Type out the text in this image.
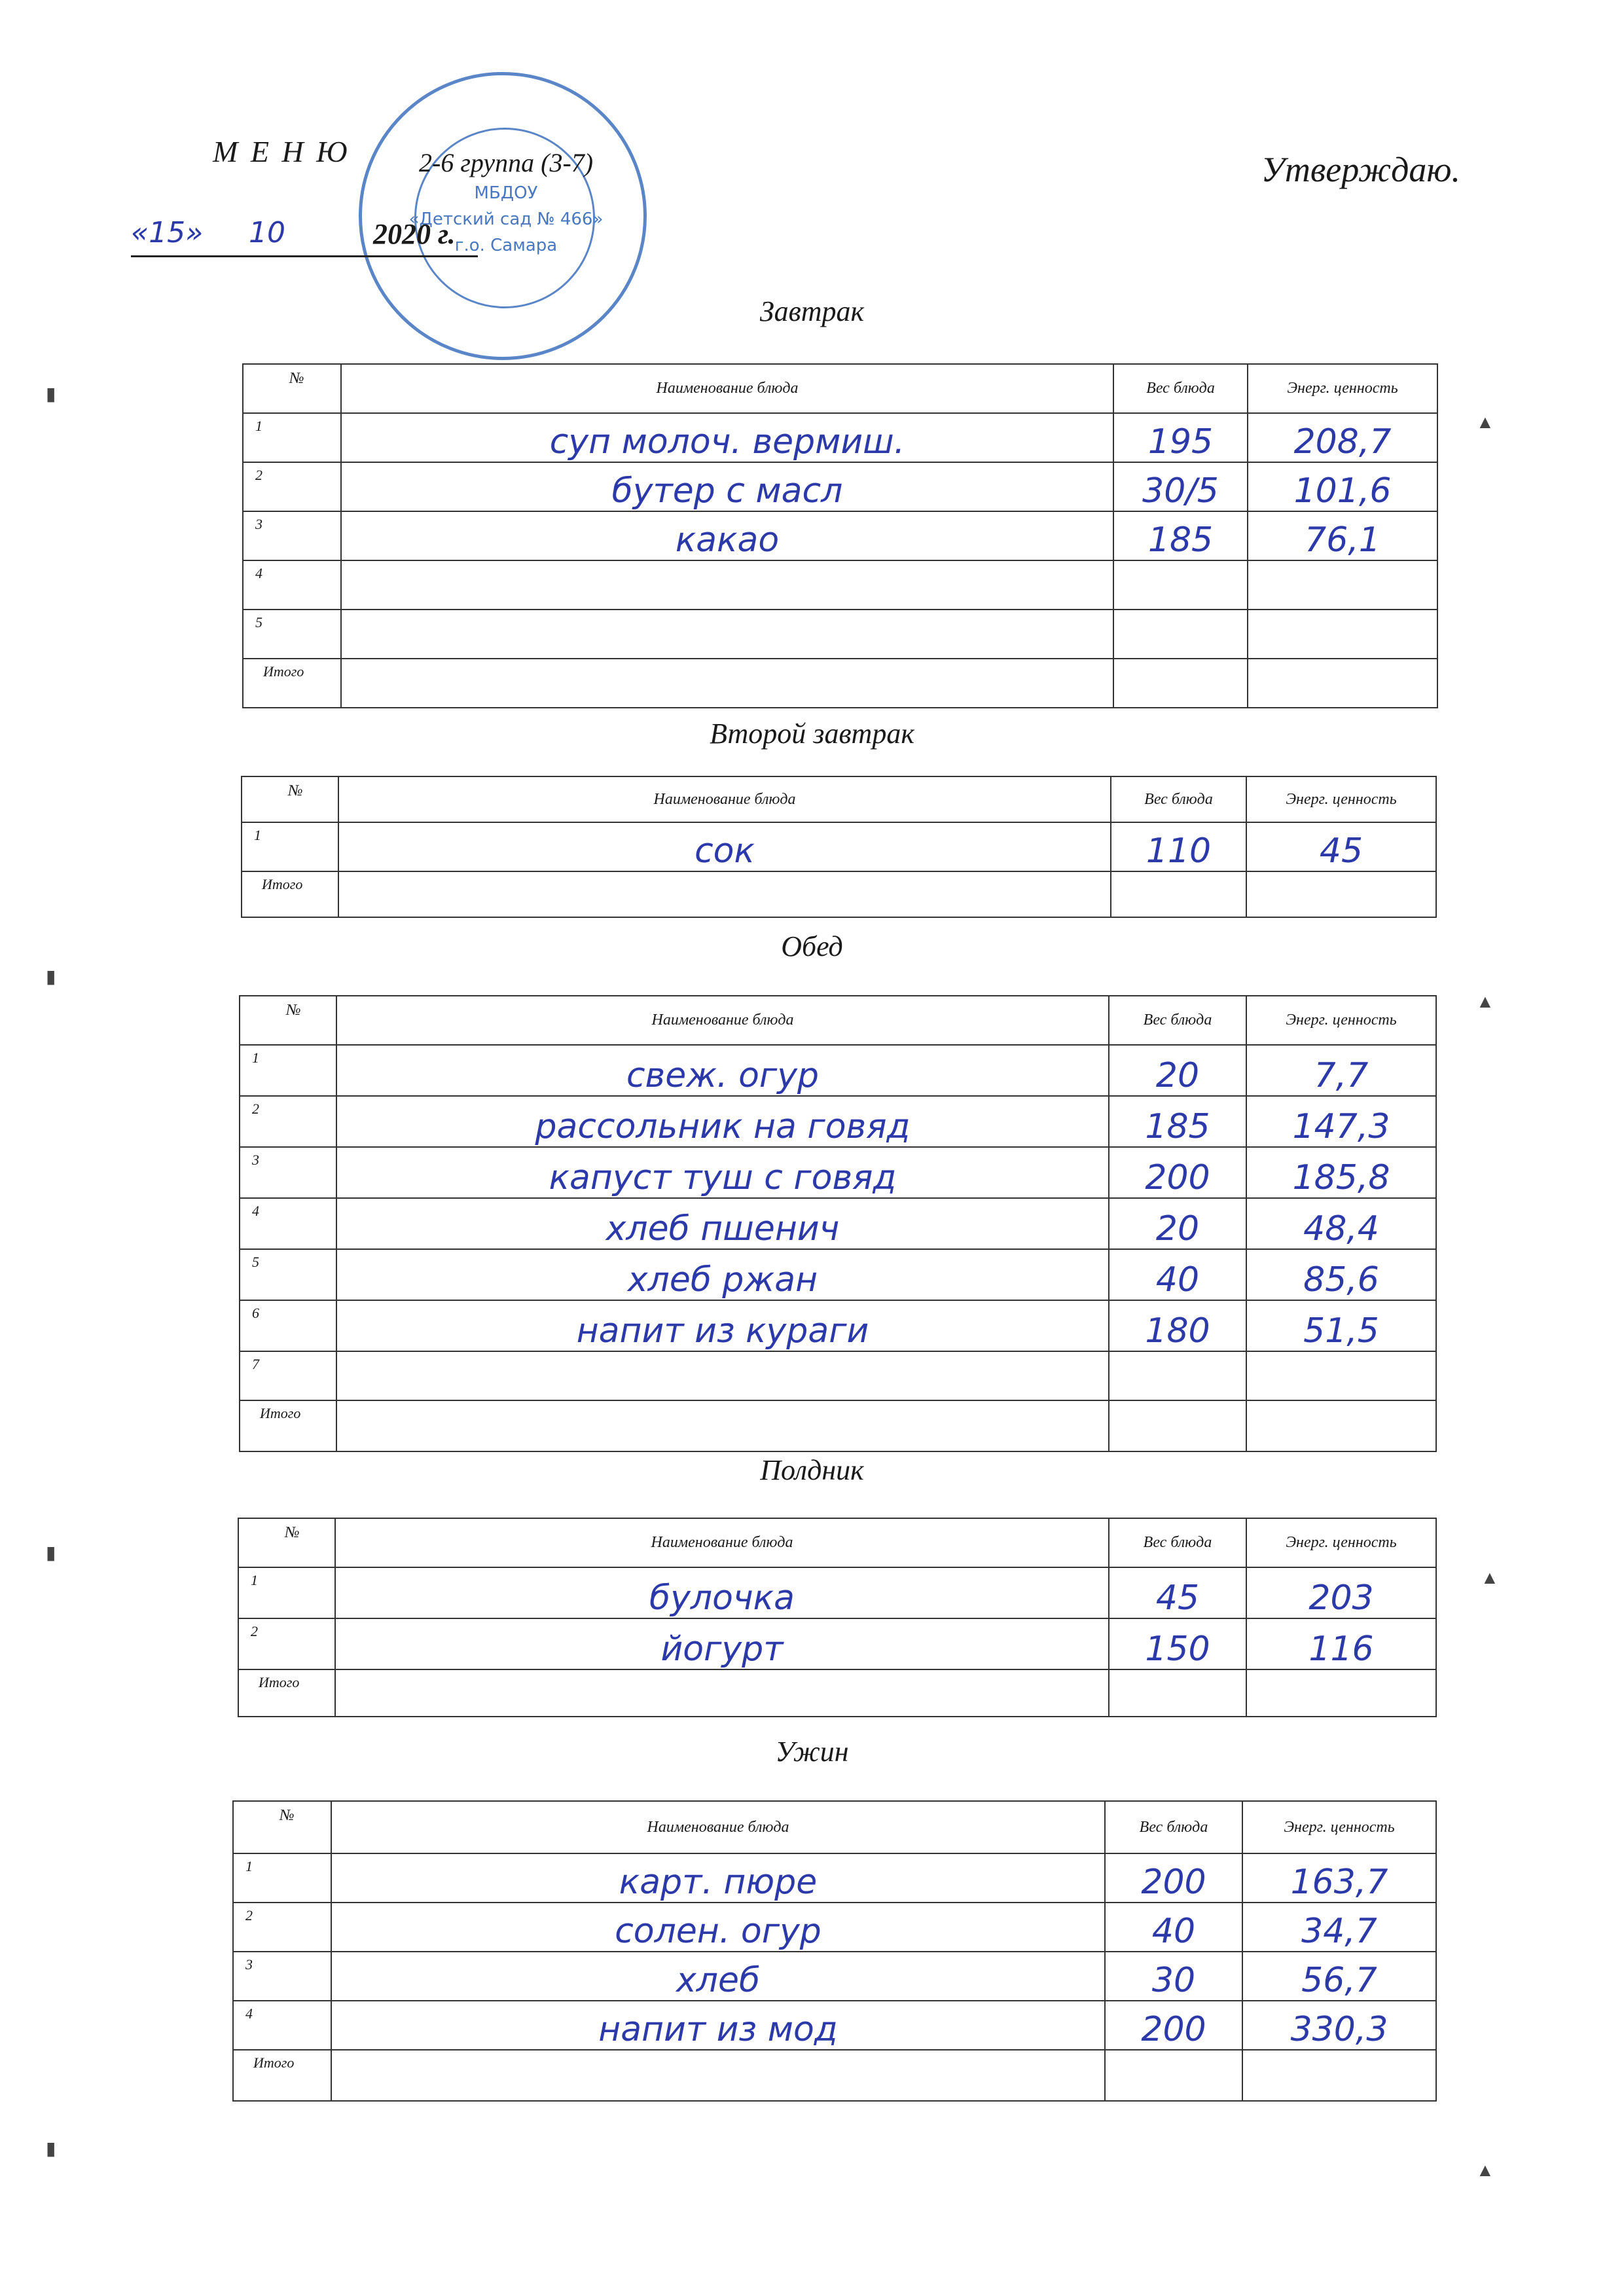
МБДОУ
«Детский сад № 466»
г.о. Самара
М Е Н Ю	2-6 группа (3-7)	Утверждаю.
«15» 10	2020 г.
▮
▲
▮
▲
▲
▮
▮
▲
Завтрак
№	Наименование блюда	Вес блюда	Энерг. ценность
1	суп молоч. вермиш.	195	208,7
2	бутер с масл	30/5	101,6
3	какао	185	76,1
4			
5			
Итого			
Второй завтрак
№	Наименование блюда	Вес блюда	Энерг. ценность
1	сок	110	45
Итого			
Обед
№	Наименование блюда	Вес блюда	Энерг. ценность
1	свеж. огур	20	7,7
2	рассольник на говяд	185	147,3
3	капуст туш с говяд	200	185,8
4	хлеб пшенич	20	48,4
5	хлеб ржан	40	85,6
6	напит из кураги	180	51,5
7			
Итого			
Полдник
№	Наименование блюда	Вес блюда	Энерг. ценность
1	булочка	45	203
2	йогурт	150	116
Итого			
Ужин
№	Наименование блюда	Вес блюда	Энерг. ценность
1	карт. пюре	200	163,7
2	солен. огур	40	34,7
3	хлеб	30	56,7
4	напит из мод	200	330,3
Итого			
